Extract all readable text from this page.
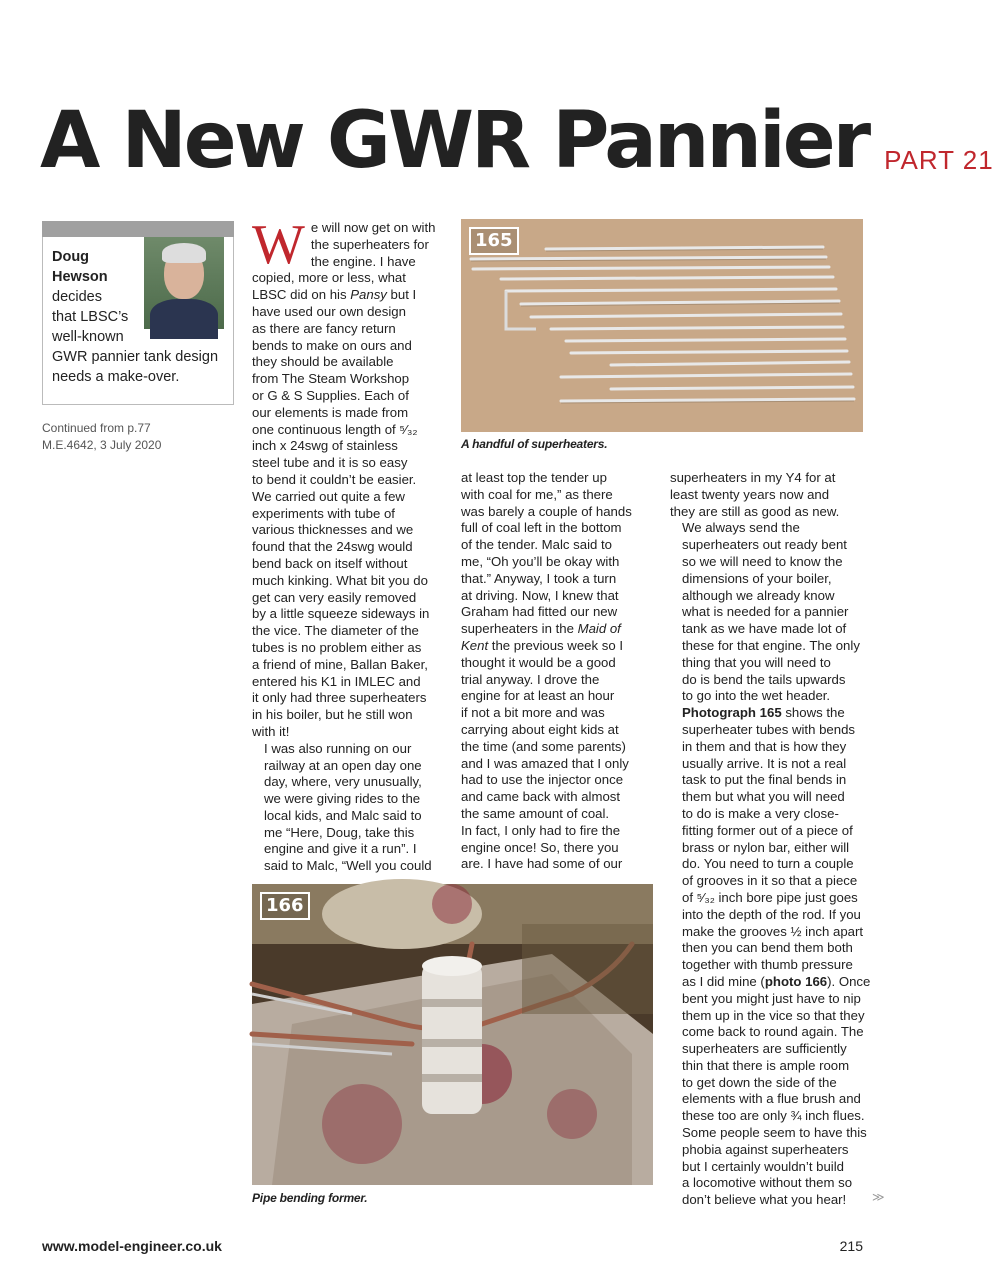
A New GWR Pannier PART 21
Doug
Hewson
decides
that LBSC’s
well-known
GWR pannier tank design
needs a make-over.
Continued from p.77
M.E.4642, 3 July 2020
W e will now get on with
the superheaters for
the engine. I have
copied, more or less, what
LBSC did on his Pansy but I
have used our own design
as there are fancy return
bends to make on ours and
they should be available
from The Steam Workshop
or G & S Supplies. Each of
our elements is made from
one continuous length of ⁵⁄₃₂
inch x 24swg of stainless
steel tube and it is so easy
to bend it couldn’t be easier.
We carried out quite a few
experiments with tube of
various thicknesses and we
found that the 24swg would
bend back on itself without
much kinking. What bit you do
get can very easily removed
by a little squeeze sideways in
the vice. The diameter of the
tubes is no problem either as
a friend of mine, Ballan Baker,
entered his K1 in IMLEC and
it only had three superheaters
in his boiler, but he still won
with it!

I was also running on our
railway at an open day one
day, where, very unusually,
we were giving rides to the
local kids, and Malc said to
me “Here, Doug, take this
engine and give it a run”. I
said to Malc, “Well you could

165
A handful of superheaters.

at least top the tender up
with coal for me,” as there
was barely a couple of hands
full of coal left in the bottom
of the tender. Malc said to
me, “Oh you’ll be okay with
that.” Anyway, I took a turn
at driving. Now, I knew that
Graham had fitted our new
superheaters in the Maid of
Kent the previous week so I
thought it would be a good
trial anyway. I drove the
engine for at least an hour
if not a bit more and was
carrying about eight kids at
the time (and some parents)
and I was amazed that I only
had to use the injector once
and came back with almost
the same amount of coal.
In fact, I only had to fire the
engine once! So, there you
are. I have had some of our

superheaters in my Y4 for at
least twenty years now and
they are still as good as new.

We always send the
superheaters out ready bent
so we will need to know the
dimensions of your boiler,
although we already know
what is needed for a pannier
tank as we have made lot of
these for that engine. The only
thing that you will need to
do is bend the tails upwards
to go into the wet header.
Photograph 165 shows the
superheater tubes with bends
in them and that is how they
usually arrive. It is not a real
task to put the final bends in
them but what you will need
to do is make a very close-
fitting former out of a piece of
brass or nylon bar, either will
do. You need to turn a couple
of grooves in it so that a piece
of ⁵⁄₃₂ inch bore pipe just goes
into the depth of the rod. If you
make the grooves ½ inch apart
then you can bend them both
together with thumb pressure
as I did mine (photo 166). Once
bent you might just have to nip
them up in the vice so that they
come back to round again. The
superheaters are sufficiently
thin that there is ample room
to get down the side of the
elements with a flue brush and
these too are only ¾ inch flues.
Some people seem to have this
phobia against superheaters
but I certainly wouldn’t build
a locomotive without them so
don’t believe what you hear!

166
Pipe bending former.	≫
www.model-engineer.co.uk	215
